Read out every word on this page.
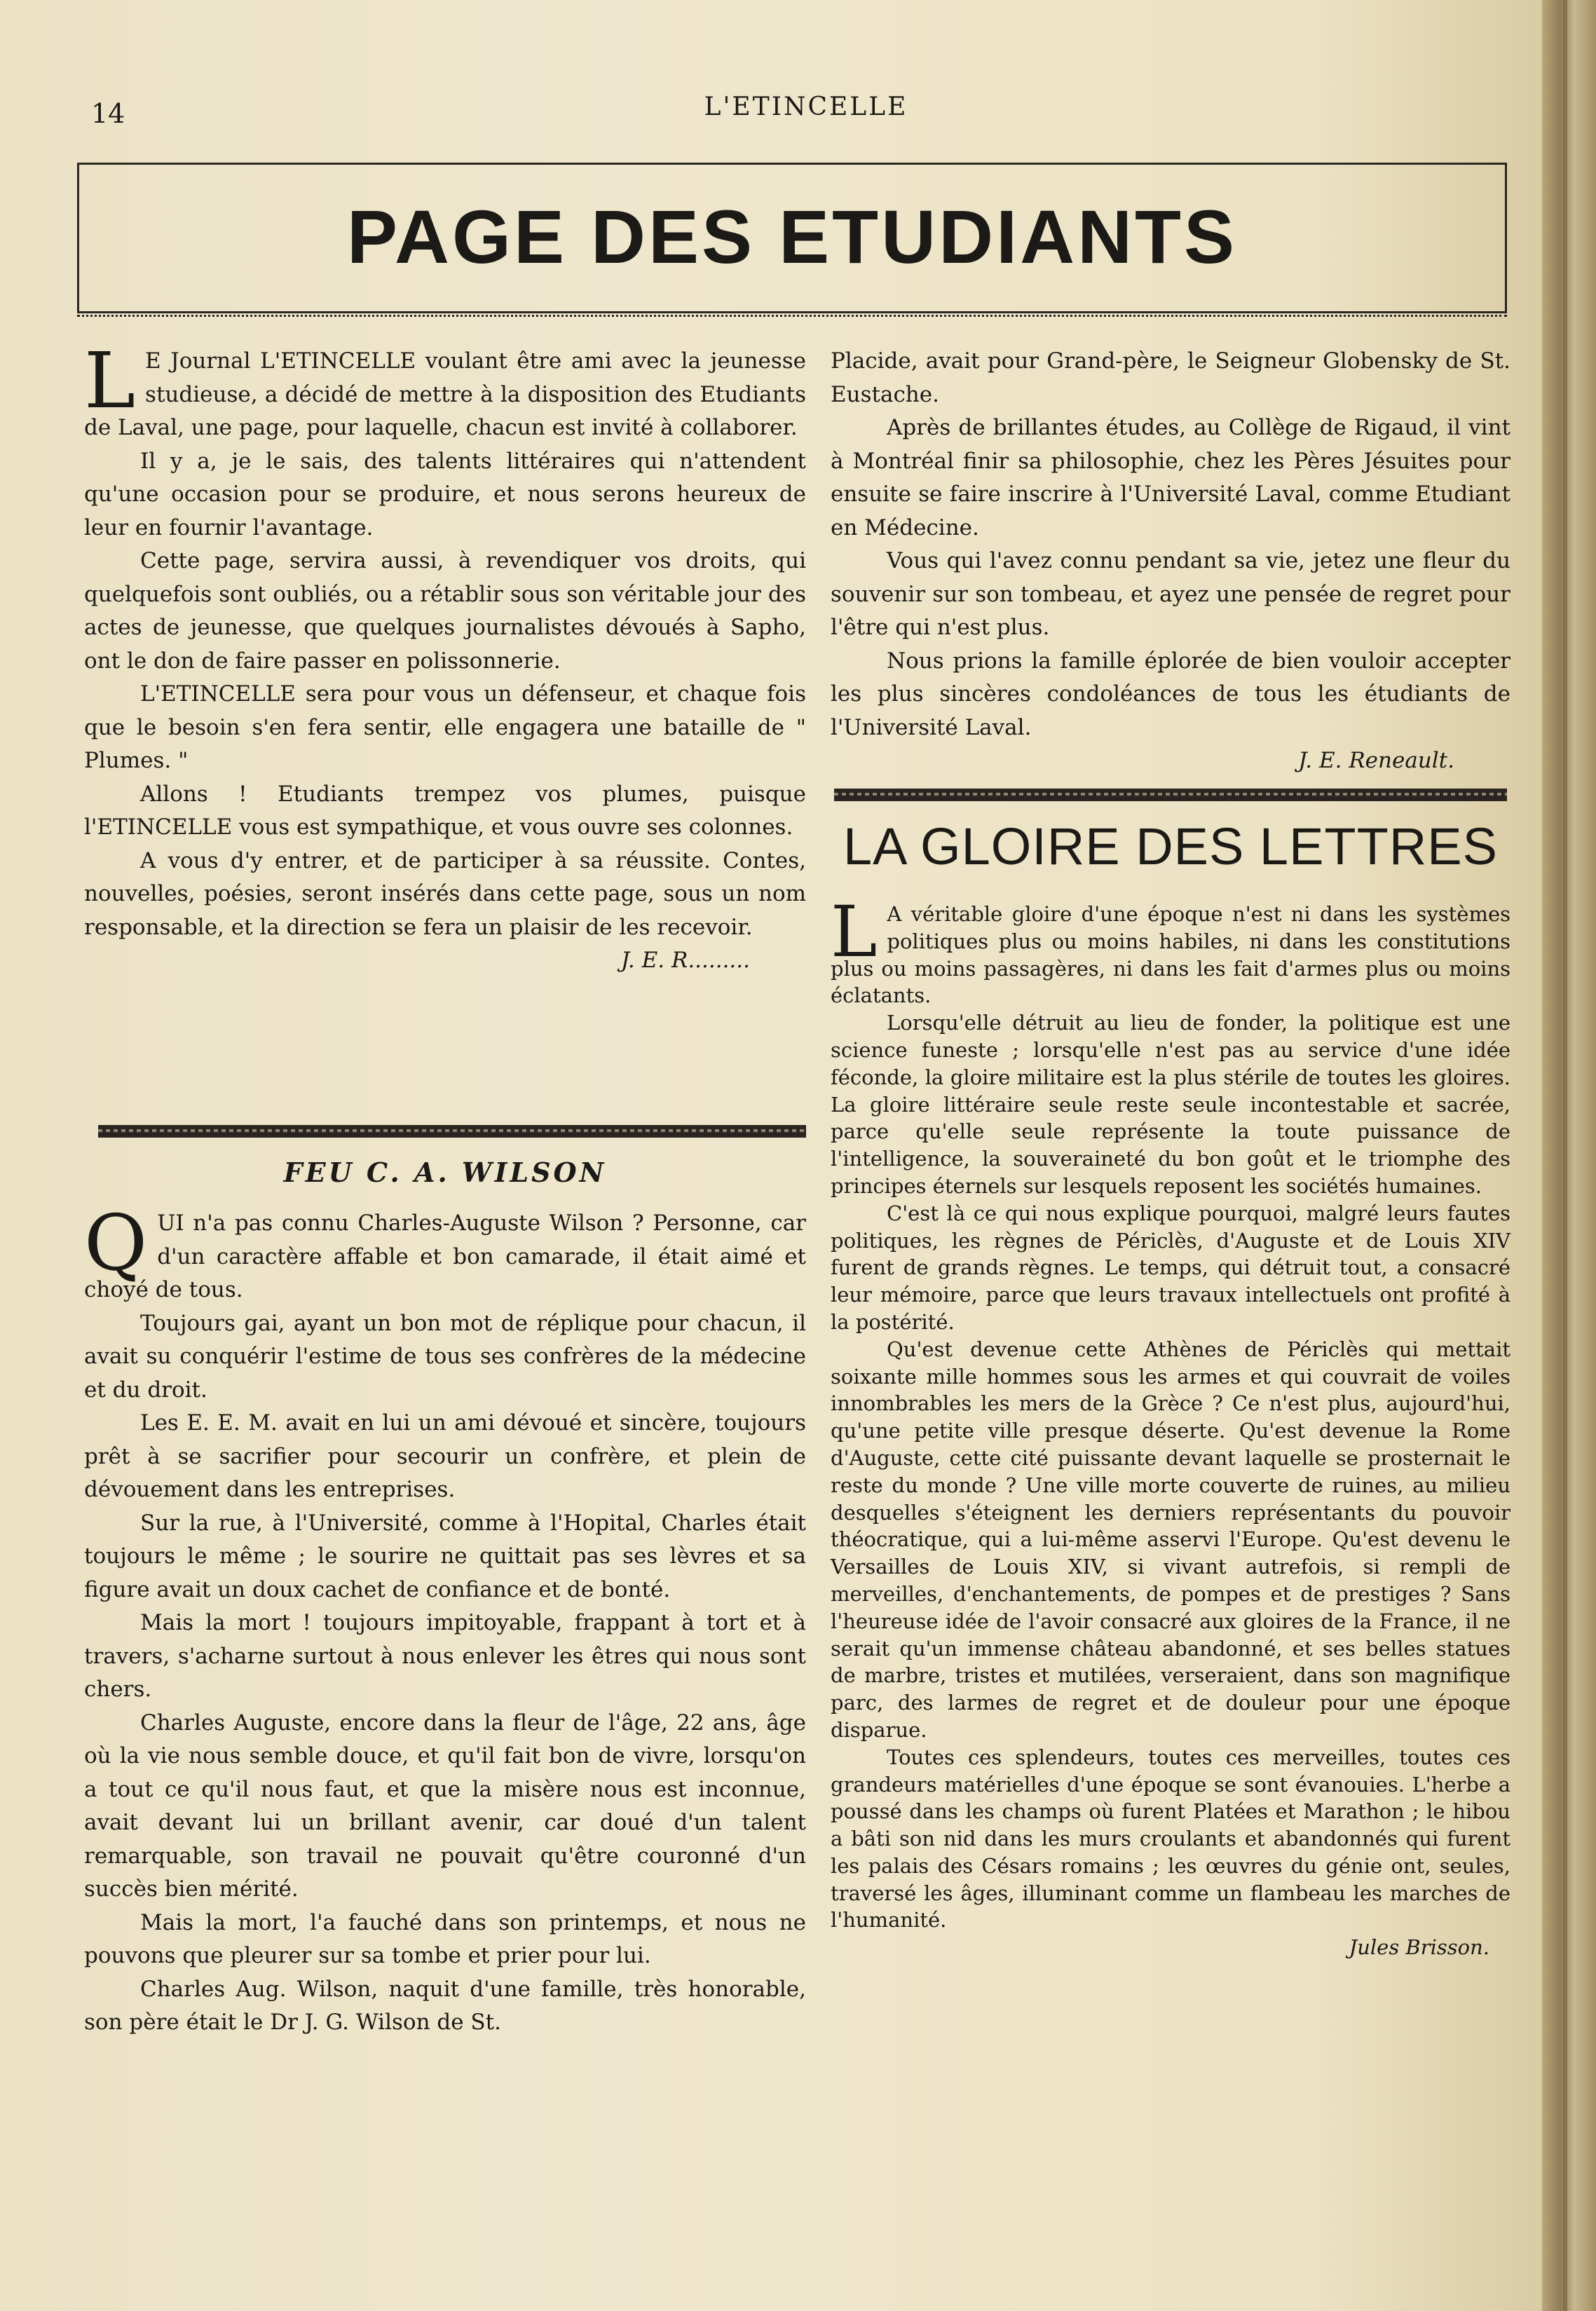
14	L'ETINCELLE
PAGE DES ETUDIANTS

L E Journal L'ETINCELLE voulant être ami avec la jeunesse studieuse, a décidé de mettre à la disposition des Etudiants de Laval, une page, pour laquelle, chacun est invité à collaborer.

Il y a, je le sais, des talents littéraires qui n'attendent qu'une occasion pour se produire, et nous serons heureux de leur en fournir l'avantage.

Cette page, servira aussi, à revendiquer vos droits, qui quelquefois sont oubliés, ou a rétablir sous son véritable jour des actes de jeunesse, que quelques journalistes dévoués à Sapho, ont le don de faire passer en polissonnerie.

L'ETINCELLE sera pour vous un défenseur, et chaque fois que le besoin s'en fera sentir, elle engagera une bataille de " Plumes. "

Allons ! Etudiants trempez vos plumes, puisque l'ETINCELLE vous est sympathique, et vous ouvre ses colonnes.

A vous d'y entrer, et de participer à sa réussite. Contes, nouvelles, poésies, seront insérés dans cette page, sous un nom responsable, et la direction se fera un plaisir de les recevoir.

J. E. R.........

FEU C. A. WILSON

QUI n'a pas connu Charles-Auguste Wilson ? Personne, car d'un caractère affable et bon camarade, il était aimé et choyé de tous.

Toujours gai, ayant un bon mot de réplique pour chacun, il avait su conquérir l'estime de tous ses confrères de la médecine et du droit.

Les E. E. M. avait en lui un ami dévoué et sincère, toujours prêt à se sacrifier pour secourir un confrère, et plein de dévouement dans les entreprises.

Sur la rue, à l'Université, comme à l'Hopital, Charles était toujours le même ; le sourire ne quittait pas ses lèvres et sa figure avait un doux cachet de confiance et de bonté.

Mais la mort ! toujours impitoyable, frappant à tort et à travers, s'acharne surtout à nous enlever les êtres qui nous sont chers.

Charles Auguste, encore dans la fleur de l'âge, 22 ans, âge où la vie nous semble douce, et qu'il fait bon de vivre, lorsqu'on a tout ce qu'il nous faut, et que la misère nous est inconnue, avait devant lui un brillant avenir, car doué d'un talent remarquable, son travail ne pouvait qu'être couronné d'un succès bien mérité.

Mais la mort, l'a fauché dans son printemps, et nous ne pouvons que pleurer sur sa tombe et prier pour lui.

Charles Aug. Wilson, naquit d'une famille, très honorable, son père était le Dr J. G. Wilson de St.

Placide, avait pour Grand-père, le Seigneur Globensky de St. Eustache.

Après de brillantes études, au Collège de Rigaud, il vint à Montréal finir sa philosophie, chez les Pères Jésuites pour ensuite se faire inscrire à l'Université Laval, comme Etudiant en Médecine.

Vous qui l'avez connu pendant sa vie, jetez une fleur du souvenir sur son tombeau, et ayez une pensée de regret pour l'être qui n'est plus.

Nous prions la famille éplorée de bien vouloir accepter les plus sincères condoléances de tous les étudiants de l'Université Laval.

J. E. Reneault.

LA GLOIRE DES LETTRES

L A véritable gloire d'une époque n'est ni dans les systèmes politiques plus ou moins habiles, ni dans les constitutions plus ou moins passagères, ni dans les fait d'armes plus ou moins éclatants.

Lorsqu'elle détruit au lieu de fonder, la politique est une science funeste ; lorsqu'elle n'est pas au service d'une idée féconde, la gloire militaire est la plus stérile de toutes les gloires. La gloire littéraire seule reste seule incontestable et sacrée, parce qu'elle seule représente la toute puissance de l'intelligence, la souveraineté du bon goût et le triomphe des principes éternels sur lesquels reposent les sociétés humaines.

C'est là ce qui nous explique pourquoi, malgré leurs fautes politiques, les règnes de Périclès, d'Auguste et de Louis XIV furent de grands règnes. Le temps, qui détruit tout, a consacré leur mémoire, parce que leurs travaux intellectuels ont profité à la postérité.

Qu'est devenue cette Athènes de Périclès qui mettait soixante mille hommes sous les armes et qui couvrait de voiles innombrables les mers de la Grèce ? Ce n'est plus, aujourd'hui, qu'une petite ville presque déserte. Qu'est devenue la Rome d'Auguste, cette cité puissante devant laquelle se prosternait le reste du monde ? Une ville morte couverte de ruines, au milieu desquelles s'éteignent les derniers représentants du pouvoir théocratique, qui a lui-même asservi l'Europe. Qu'est devenu le Versailles de Louis XIV, si vivant autrefois, si rempli de merveilles, d'enchantements, de pompes et de prestiges ? Sans l'heureuse idée de l'avoir consacré aux gloires de la France, il ne serait qu'un immense château abandonné, et ses belles statues de marbre, tristes et mutilées, verseraient, dans son magnifique parc, des larmes de regret et de douleur pour une époque disparue.

Toutes ces splendeurs, toutes ces merveilles, toutes ces grandeurs matérielles d'une époque se sont évanouies. L'herbe a poussé dans les champs où furent Platées et Marathon ; le hibou a bâti son nid dans les murs croulants et abandonnés qui furent les palais des Césars romains ; les œuvres du génie ont, seules, traversé les âges, illuminant comme un flambeau les marches de l'humanité.

Jules Brisson.
